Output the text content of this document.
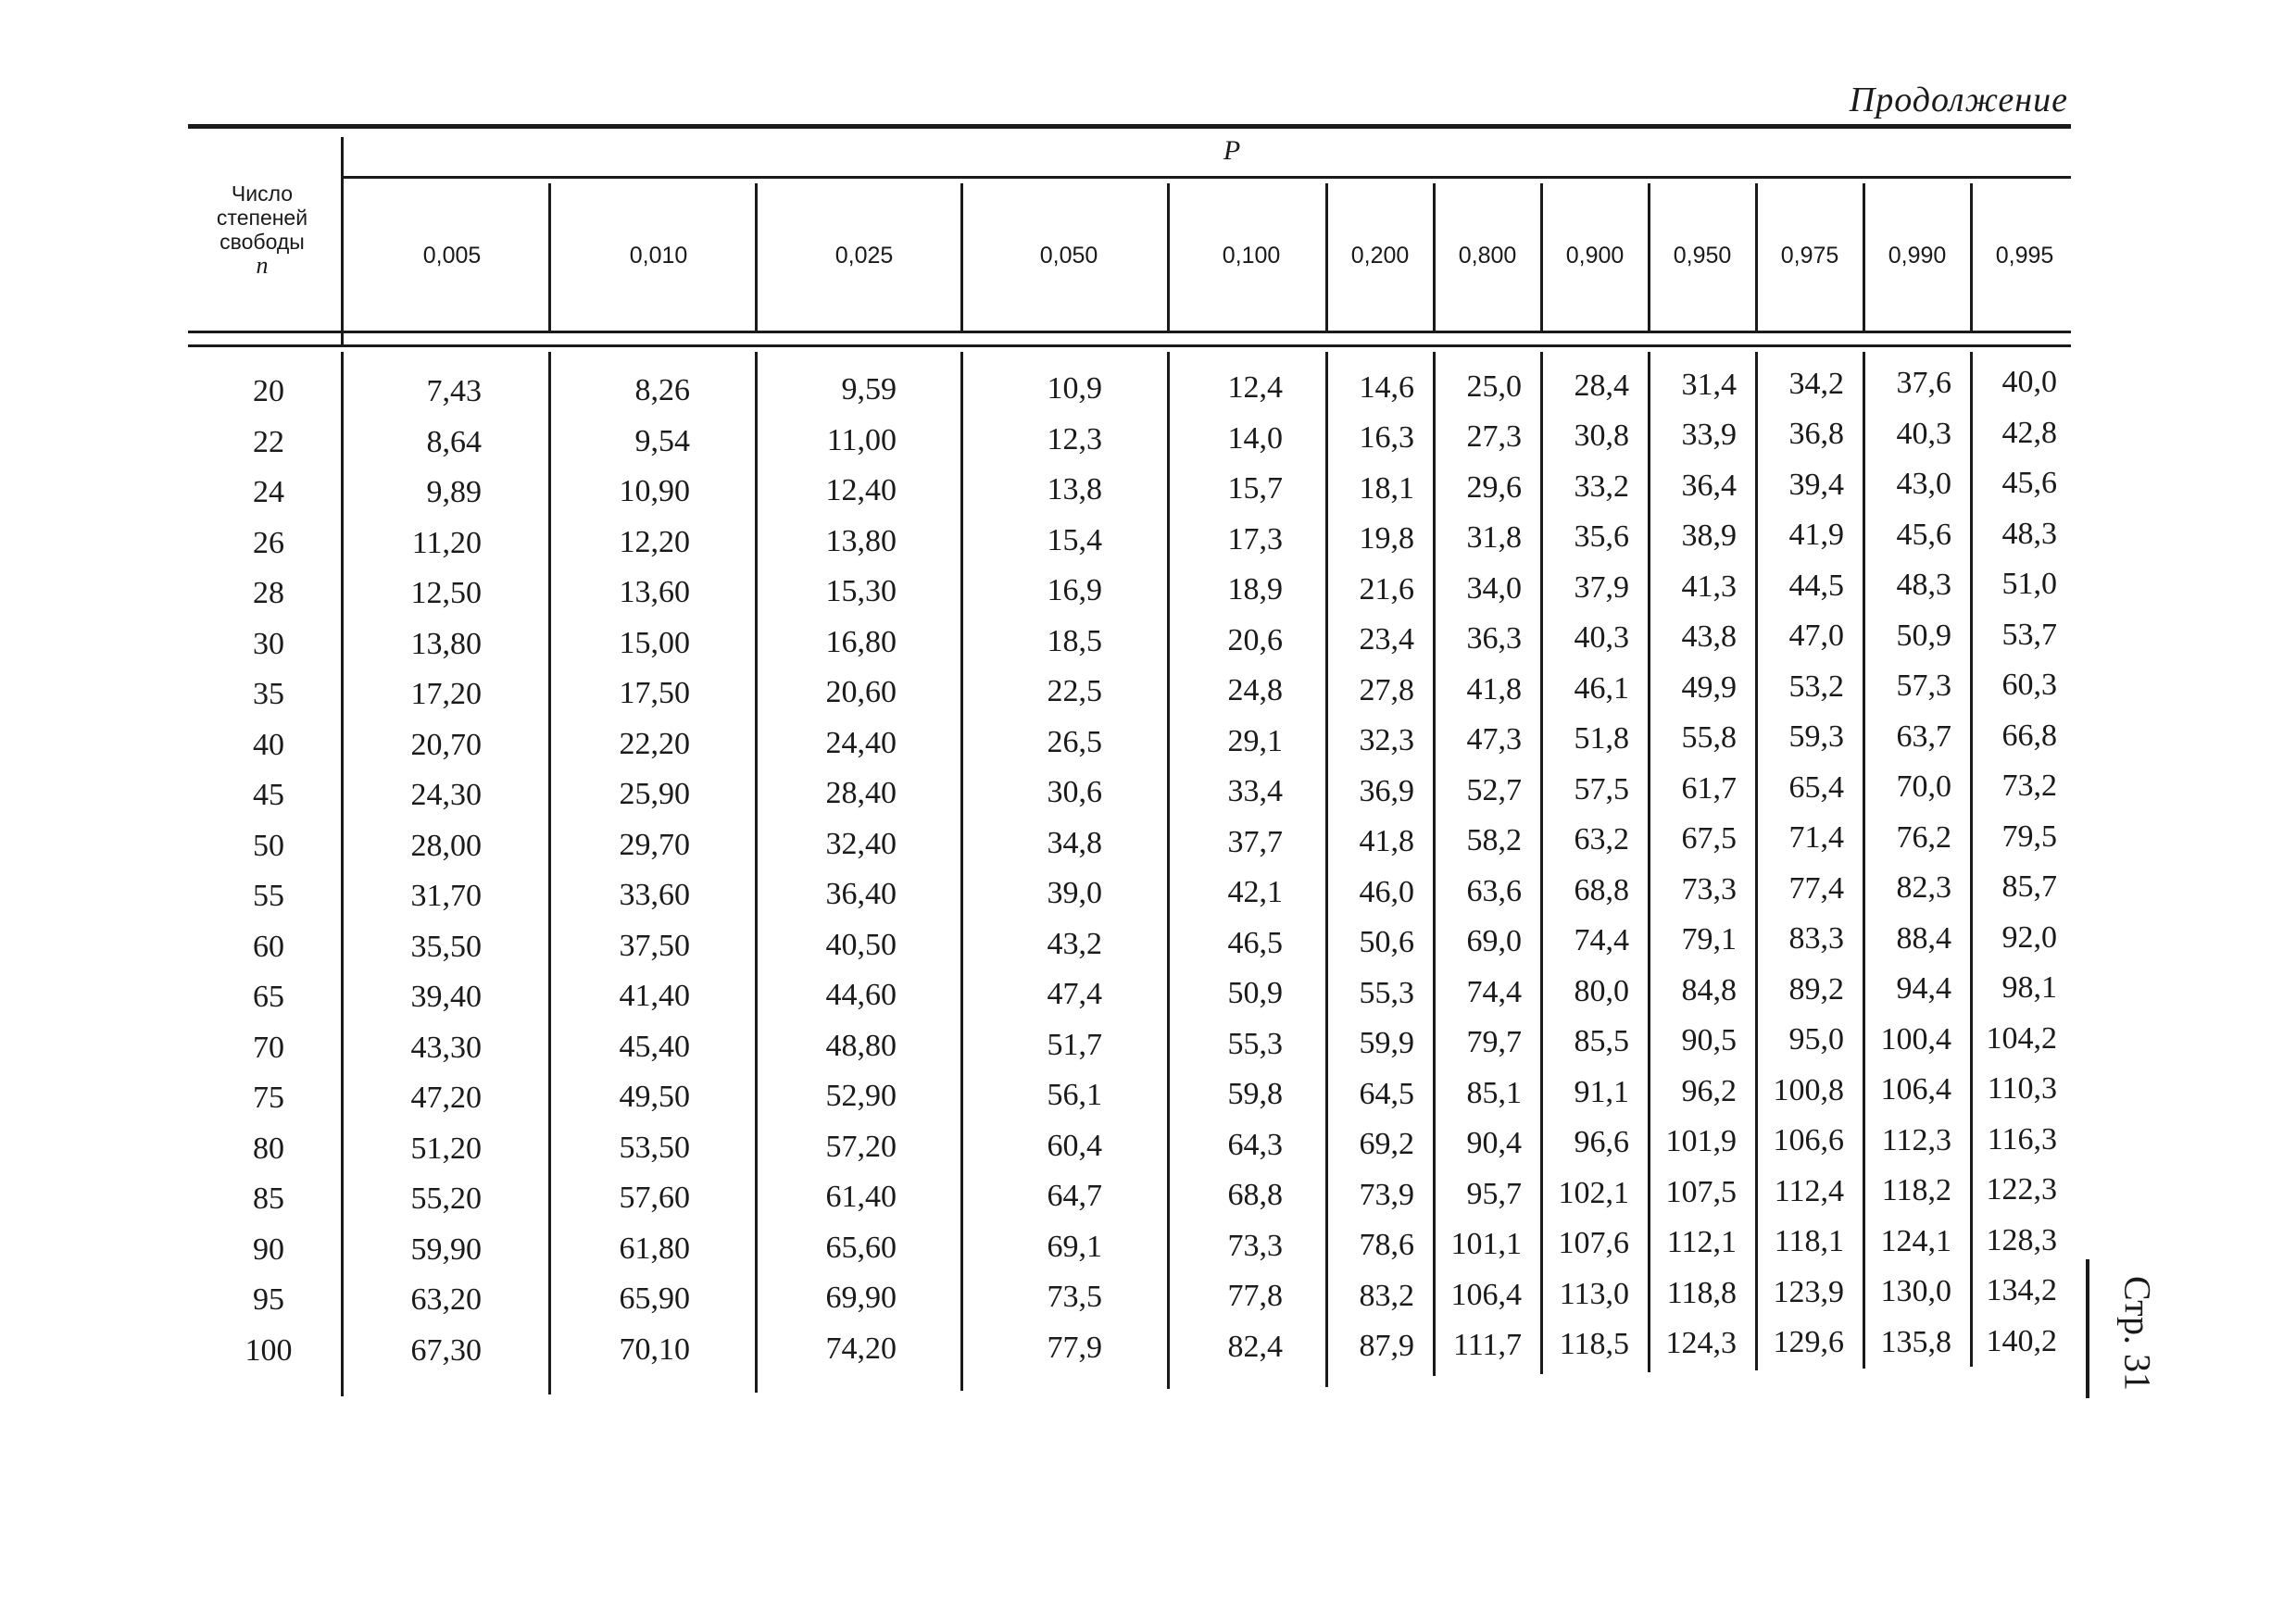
Продолжение
P
Число
степеней
свободы
n	0,005	0,010	0,025	0,050	0,100	0,200	0,800	0,900	0,950	0,975	0,990	0,995
20	7,43	8,26	9,59	10,9	12,4 14,6 25,0 28,4 31,4 34,2 37,6 40,0
22	8,64	9,54	11,00	12,3	14,0 16,3 27,3 30,8 33,9 36,8 40,3 42,8
24	9,89	10,90	12,40	13,8	15,7 18,1 29,6 33,2 36,4 39,4 43,0 45,6
26	11,20	12,20	13,80	15,4	17,3 19,8 31,8 35,6 38,9 41,9 45,6 48,3
28	12,50	13,60	15,30	16,9	18,9 21,6 34,0 37,9 41,3 44,5 48,3 51,0
30	13,80	15,00	16,80	18,5	20,6 23,4 36,3 40,3 43,8 47,0 50,9 53,7
35	17,20	17,50	20,60	22,5	24,8 27,8 41,8 46,1 49,9 53,2 57,3 60,3
40	20,70	22,20	24,40	26,5	29,1 32,3 47,3 51,8 55,8 59,3 63,7 66,8
45	24,30	25,90	28,40	30,6	33,4 36,9 52,7 57,5 61,7 65,4 70,0 73,2
50	28,00	29,70	32,40	34,8	37,7 41,8 58,2 63,2 67,5 71,4 76,2 79,5
55	31,70	33,60	36,40	39,0	42,1 46,0 63,6 68,8 73,3 77,4 82,3 85,7
60	35,50	37,50	40,50	43,2	46,5 50,6 69,0 74,4 79,1 83,3 88,4 92,0
65	39,40	41,40	44,60	47,4	50,9 55,3 74,4 80,0 84,8 89,2 94,4 98,1
70	43,30	45,40	48,80	51,7	55,3 59,9 79,7 85,5 90,5 95,0 100,4 104,2
75	47,20	49,50	52,90	56,1	59,8 64,5 85,1 91,1 96,2 100,8 106,4 110,3
80	51,20	53,50	57,20	60,4	64,3 69,2 90,4 96,6 101,9 106,6 112,3 116,3
85	55,20	57,60	61,40	64,7	68,8 73,9 95,7 102,1 107,5 112,4 118,2 122,3
90	59,90	61,80	65,60	69,1	73,3 78,6 101,1 107,6 112,1 118,1 124,1 128,3
95	63,20	65,90	69,90	73,5	77,8 83,2 106,4 113,0 118,8 123,9 130,0 134,2
100	67,30	70,10	74,20	77,9	82,4 87,9 111,7 118,5 124,3 129,6 135,8 140,2 Стр. 31
